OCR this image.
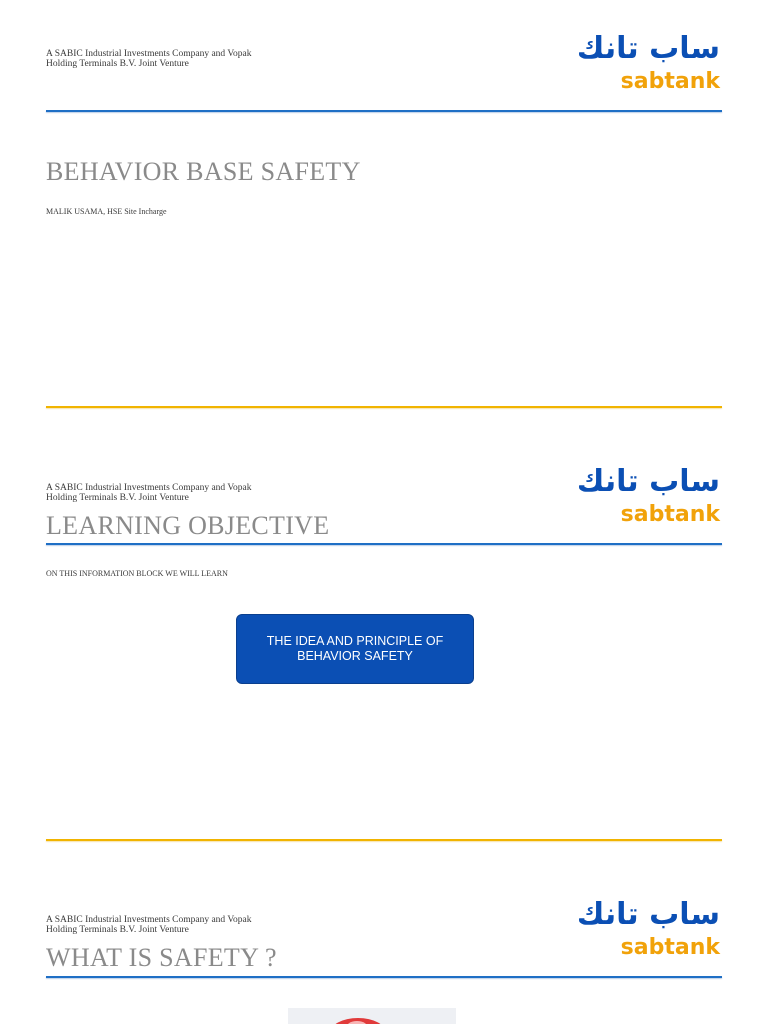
A SABIC Industrial Investments Company and Vopak
Holding Terminals B.V. Joint Venture	ساب تانك
sabtank
BEHAVIOR BASE SAFETY
MALIK USAMA, HSE Site Incharge
A SABIC Industrial Investments Company and Vopak
Holding Terminals B.V. Joint Venture	ساب تانك
sabtank
LEARNING OBJECTIVE
ON THIS INFORMATION BLOCK WE WILL LEARN
THE IDEA AND PRINCIPLE OF
BEHAVIOR SAFETY
A SABIC Industrial Investments Company and Vopak
Holding Terminals B.V. Joint Venture	ساب تانك
sabtank
WHAT IS SAFETY ?
